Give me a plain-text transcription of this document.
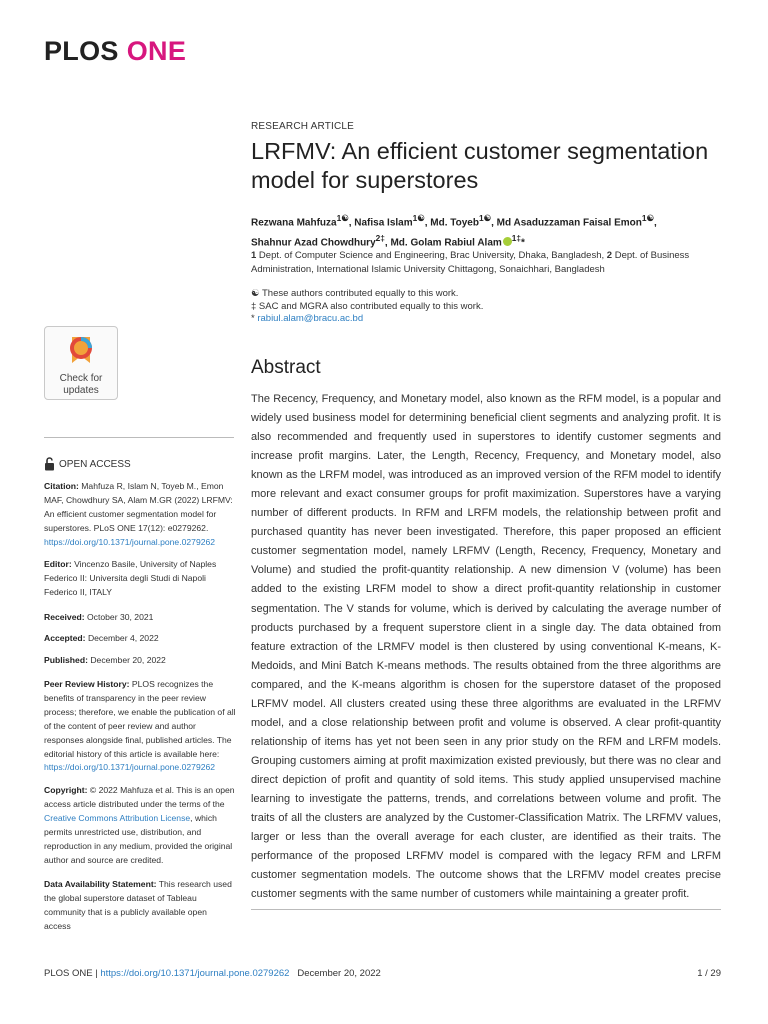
PLOS ONE
Check for
updates
OPEN ACCESS
Citation: Mahfuza R, Islam N, Toyeb M., Emon MAF, Chowdhury SA, Alam M.GR (2022) LRFMV: An efficient customer segmentation model for superstores. PLoS ONE 17(12): e0279262. https://doi.org/10.1371/journal.pone.0279262
Editor: Vincenzo Basile, University of Naples Federico II: Universita degli Studi di Napoli Federico II, ITALY
Received: October 30, 2021
Accepted: December 4, 2022
Published: December 20, 2022
Peer Review History: PLOS recognizes the benefits of transparency in the peer review process; therefore, we enable the publication of all of the content of peer review and author responses alongside final, published articles. The editorial history of this article is available here: https://doi.org/10.1371/journal.pone.0279262
Copyright: © 2022 Mahfuza et al. This is an open access article distributed under the terms of the Creative Commons Attribution License, which permits unrestricted use, distribution, and reproduction in any medium, provided the original author and source are credited.
Data Availability Statement: This research used the global superstore dataset of Tableau community that is a publicly available open access
RESEARCH ARTICLE
LRFMV: An efficient customer segmentation model for superstores
Rezwana Mahfuza$^{1☯}$, Nafisa Islam$^{1☯}$, Md. Toyeb$^{1☯}$, Md Asaduzzaman Faisal Emon$^{1☯}$,
Shahnur Azad Chowdhury$^{2\ddagger}$, Md. Golam Rabiul Alam $^{1\ddagger}$*
1 Dept. of Computer Science and Engineering, Brac University, Dhaka, Bangladesh, 2 Dept. of Business Administration, International Islamic University Chittagong, Sonaichhari, Bangladesh
☯ These authors contributed equally to this work.
‡ SAC and MGRA also contributed equally to this work.
* rabiul.alam@bracu.ac.bd
Abstract
The Recency, Frequency, and Monetary model, also known as the RFM model, is a popular and widely used business model for determining beneficial client segments and analyzing profit. It is also recommended and frequently used in superstores to identify customer segments and increase profit margins. Later, the Length, Recency, Frequency, and Monetary model, also known as the LRFM model, was introduced as an improved version of the RFM model to identify more relevant and exact consumer groups for profit maximization. Superstores have a varying number of different products. In RFM and LRFM models, the relationship between profit and purchased quantity has never been investigated. Therefore, this paper proposed an efficient customer segmentation model, namely LRFMV (Length, Recency, Frequency, Monetary and Volume) and studied the profit-quantity relationship. A new dimension V (volume) has been added to the existing LRFM model to show a direct profit-quantity relationship in customer segmentation. The V stands for volume, which is derived by calculating the average number of products purchased by a frequent superstore client in a single day. The data obtained from feature extraction of the LRMFV model is then clustered by using conventional K-means, K-Medoids, and Mini Batch K-means methods. The results obtained from the three algorithms are compared, and the K-means algorithm is chosen for the superstore dataset of the proposed LRFMV model. All clusters created using these three algorithms are evaluated in the LRFMV model, and a close relationship between profit and volume is observed. A clear profit-quantity relationship of items has yet not been seen in any prior study on the RFM and LRFM models. Grouping customers aiming at profit maximization existed previously, but there was no clear and direct depiction of profit and quantity of sold items. This study applied unsupervised machine learning to investigate the patterns, trends, and correlations between volume and profit. The traits of all the clusters are analyzed by the Customer-Classification Matrix. The LRFMV values, larger or less than the overall average for each cluster, are identified as their traits. The performance of the proposed LRFMV model is compared with the legacy RFM and LRFM customer segmentation models. The outcome shows that the LRFMV model creates precise customer segments with the same number of customers while maintaining a greater profit.
PLOS ONE | https://doi.org/10.1371/journal.pone.0279262 December 20, 2022	1 / 29
